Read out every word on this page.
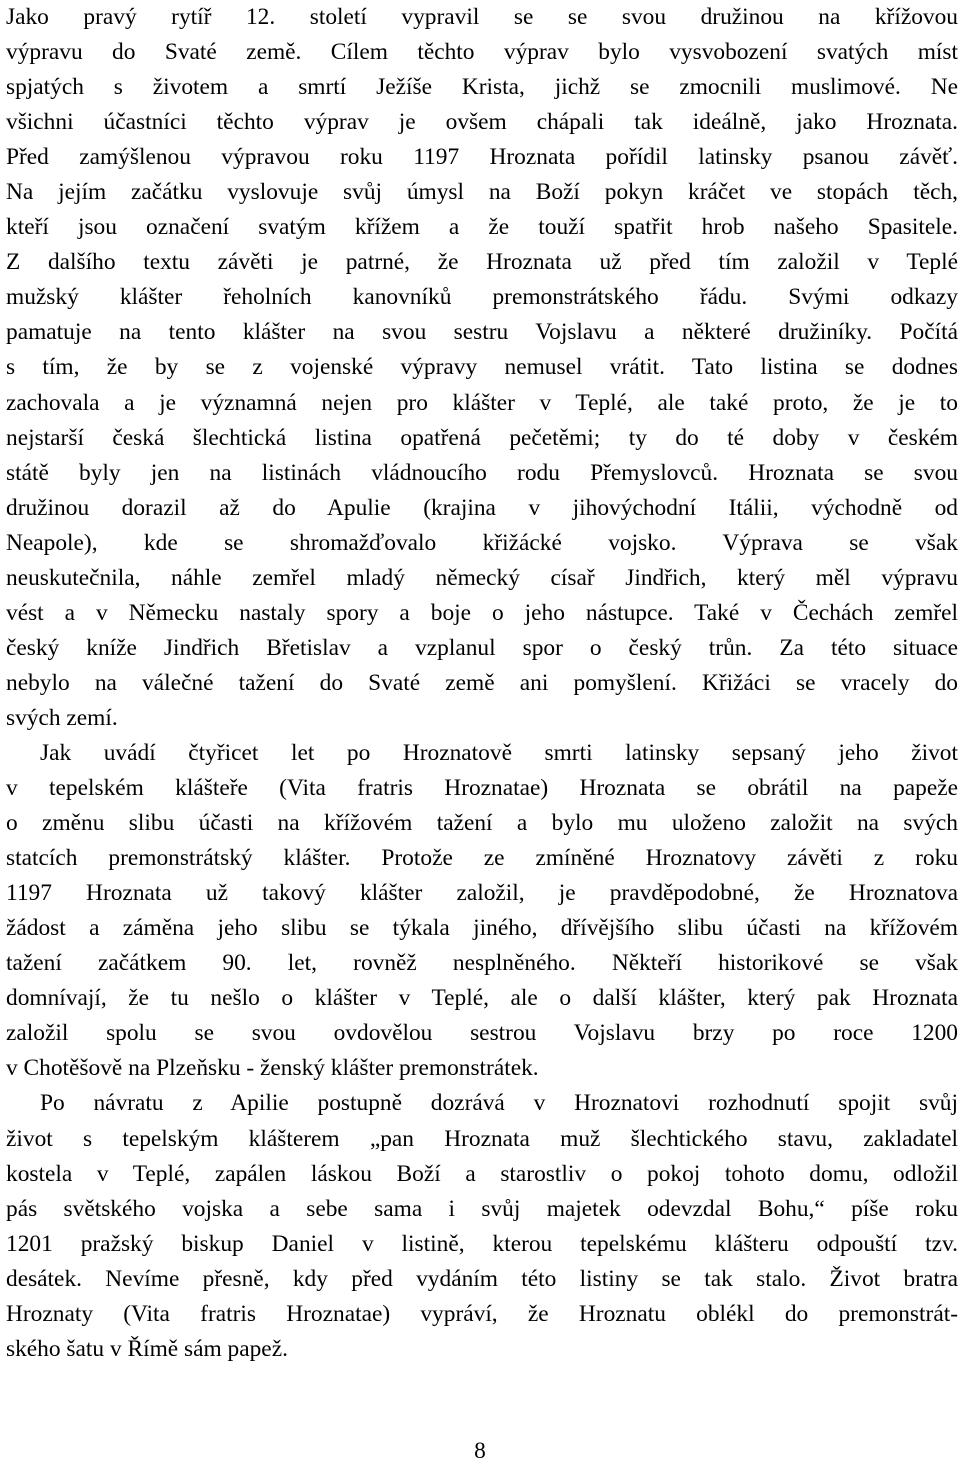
Jako pravý rytíř 12. století vypravil se se svou družinou na křížovou
výpravu do Svaté země. Cílem těchto výprav bylo vysvobození svatých míst
spjatých s životem a smrtí Ježíše Krista, jichž se zmocnili muslimové. Ne
všichni účastníci těchto výprav je ovšem chápali tak ideálně, jako Hroznata.
Před zamýšlenou výpravou roku 1197 Hroznata pořídil latinsky psanou závěť.
Na jejím začátku vyslovuje svůj úmysl na Boží pokyn kráčet ve stopách těch,
kteří jsou označení svatým křížem a že touží spatřit hrob našeho Spasitele.
Z dalšího textu závěti je patrné, že Hroznata už před tím založil v Teplé
mužský klášter řeholních kanovníků premonstrátského řádu. Svými odkazy
pamatuje na tento klášter na svou sestru Vojslavu a některé družiníky. Počítá
s tím, že by se z vojenské výpravy nemusel vrátit. Tato listina se dodnes
zachovala a je významná nejen pro klášter v Teplé, ale také proto, že je to
nejstarší česká šlechtická listina opatřená pečetěmi; ty do té doby v českém
státě byly jen na listinách vládnoucího rodu Přemyslovců. Hroznata se svou
družinou dorazil až do Apulie (krajina v jihovýchodní Itálii, východně od
Neapole), kde se shromažďovalo křižácké vojsko. Výprava se však
neuskutečnila, náhle zemřel mladý německý císař Jindřich, který měl výpravu
vést a v Německu nastaly spory a boje o jeho nástupce. Také v Čechách zemřel
český kníže Jindřich Břetislav a vzplanul spor o český trůn. Za této situace
nebylo na válečné tažení do Svaté země ani pomyšlení. Křižáci se vracely do
svých zemí.
Jak uvádí čtyřicet let po Hroznatově smrti latinsky sepsaný jeho život
v tepelském klášteře (Vita fratris Hroznatae) Hroznata se obrátil na papeže
o změnu slibu účasti na křížovém tažení a bylo mu uloženo založit na svých
statcích premonstrátský klášter. Protože ze zmíněné Hroznatovy závěti z roku
1197 Hroznata už takový klášter založil, je pravděpodobné, že Hroznatova
žádost a záměna jeho slibu se týkala jiného, dřívějšího slibu účasti na křížovém
tažení začátkem 90. let, rovněž nesplněného. Někteří historikové se však
domnívají, že tu nešlo o klášter v Teplé, ale o další klášter, který pak Hroznata
založil spolu se svou ovdovělou sestrou Vojslavu brzy po roce 1200
v Chotěšově na Plzeňsku - ženský klášter premonstrátek.
Po návratu z Apilie postupně dozrává v Hroznatovi rozhodnutí spojit svůj
život s tepelským klášterem „pan Hroznata muž šlechtického stavu, zakladatel
kostela v Teplé, zapálen láskou Boží a starostliv o pokoj tohoto domu, odložil
pás světského vojska a sebe sama i svůj majetek odevzdal Bohu,“ píše roku
1201 pražský biskup Daniel v listině, kterou tepelskému klášteru odpouští tzv.
desátek. Nevíme přesně, kdy před vydáním této listiny se tak stalo. Život bratra
Hroznaty (Vita fratris Hroznatae) vypráví, že Hroznatu oblékl do premonstrát-
ského šatu v Římě sám papež.
8
